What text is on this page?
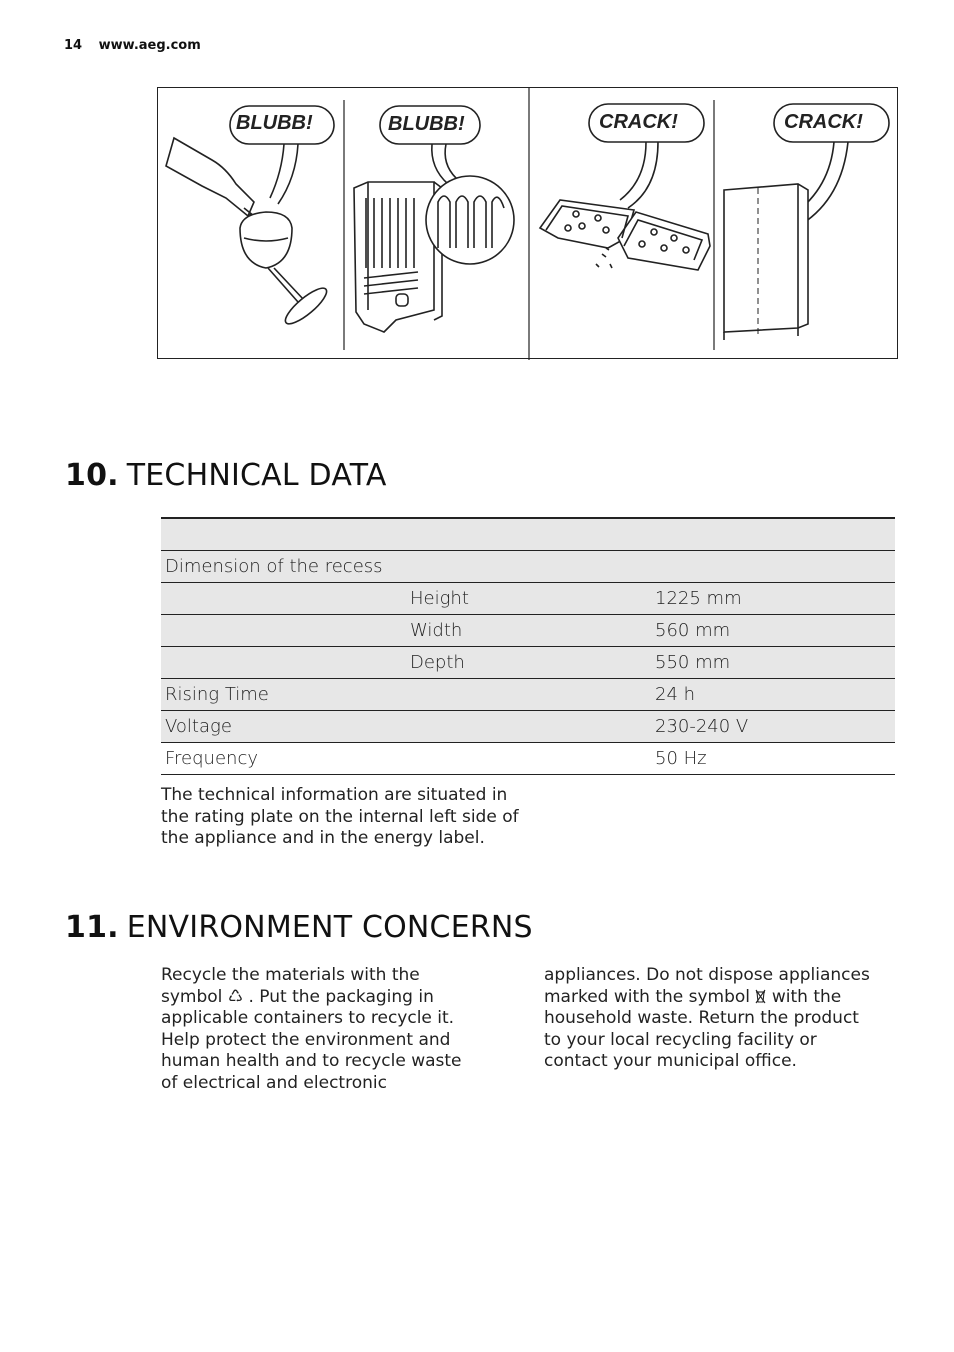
14 www.aeg.com
BLUBB!	BLUBB!	CRACK!	CRACK!
10. TECHNICAL DATA

Dimension of the recess		
	Height	1225 mm
	Width	560 mm
	Depth	550 mm
Rising Time		24 h
Voltage		230-240 V
Frequency		50 Hz
The technical information are situated in the rating plate on the internal left side of the appliance and in the energy label.
11. ENVIRONMENT CONCERNS
Recycle the materials with the symbol ♺ . Put the packaging in applicable containers to recycle it. Help protect the environment and human health and to recycle waste of electrical and electronic
appliances. Do not dispose appliances marked with the symbol with the household waste. Return the product to your local recycling facility or contact your municipal office.
